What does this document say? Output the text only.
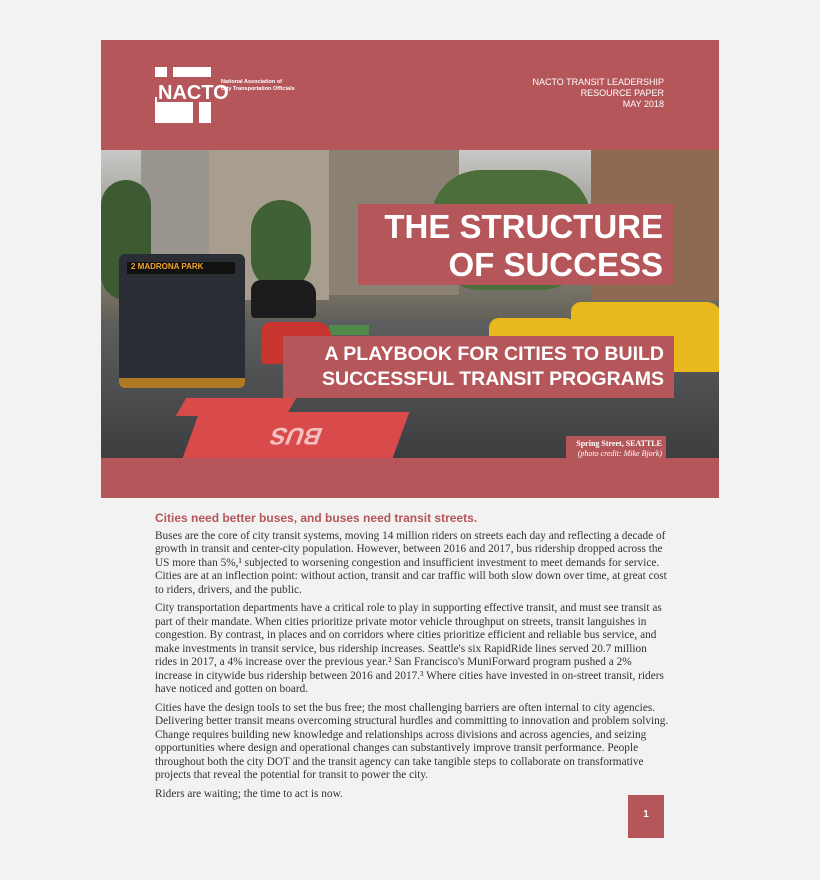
NACTO
National Association of
City Transportation Officials
NACTO TRANSIT LEADERSHIP
RESOURCE PAPER
MAY 2018
BUS
2 MADRONA PARK
THE STRUCTURE
OF SUCCESS
A PLAYBOOK FOR CITIES TO BUILD
SUCCESSFUL TRANSIT PROGRAMS
Spring Street, SEATTLE
(photo credit: Mike Bjork)
Cities need better buses, and buses need transit streets.

Buses are the core of city transit systems, moving 14 million riders on streets each day and reflecting a decade of growth in transit and center-city population. However, between 2016 and 2017, bus ridership dropped across the US more than 5%,¹ subjected to worsening congestion and insufficient investment to meet demands for service. Cities are at an inflection point: without action, transit and car traffic will both slow down over time, at great cost to riders, drivers, and the public.

City transportation departments have a critical role to play in supporting effective transit, and must see transit as part of their mandate. When cities prioritize private motor vehicle throughput on streets, transit languishes in congestion. By contrast, in places and on corridors where cities prioritize efficient and reliable bus service, and make investments in transit service, bus ridership increases. Seattle's six RapidRide lines served 20.7 million rides in 2017, a 4% increase over the previous year.² San Francisco's MuniForward program pushed a 2% increase in citywide bus ridership between 2016 and 2017.³ Where cities have invested in on-street transit, riders have noticed and gotten on board.

Cities have the design tools to set the bus free; the most challenging barriers are often internal to city agencies. Delivering better transit means overcoming structural hurdles and committing to innovation and problem solving. Change requires building new knowledge and relationships across divisions and across agencies, and seizing opportunities where design and operational changes can substantively improve transit performance. People throughout both the city DOT and the transit agency can take tangible steps to collaborate on transformative projects that reveal the potential for transit to power the city.

Riders are waiting; the time to act is now.

1
